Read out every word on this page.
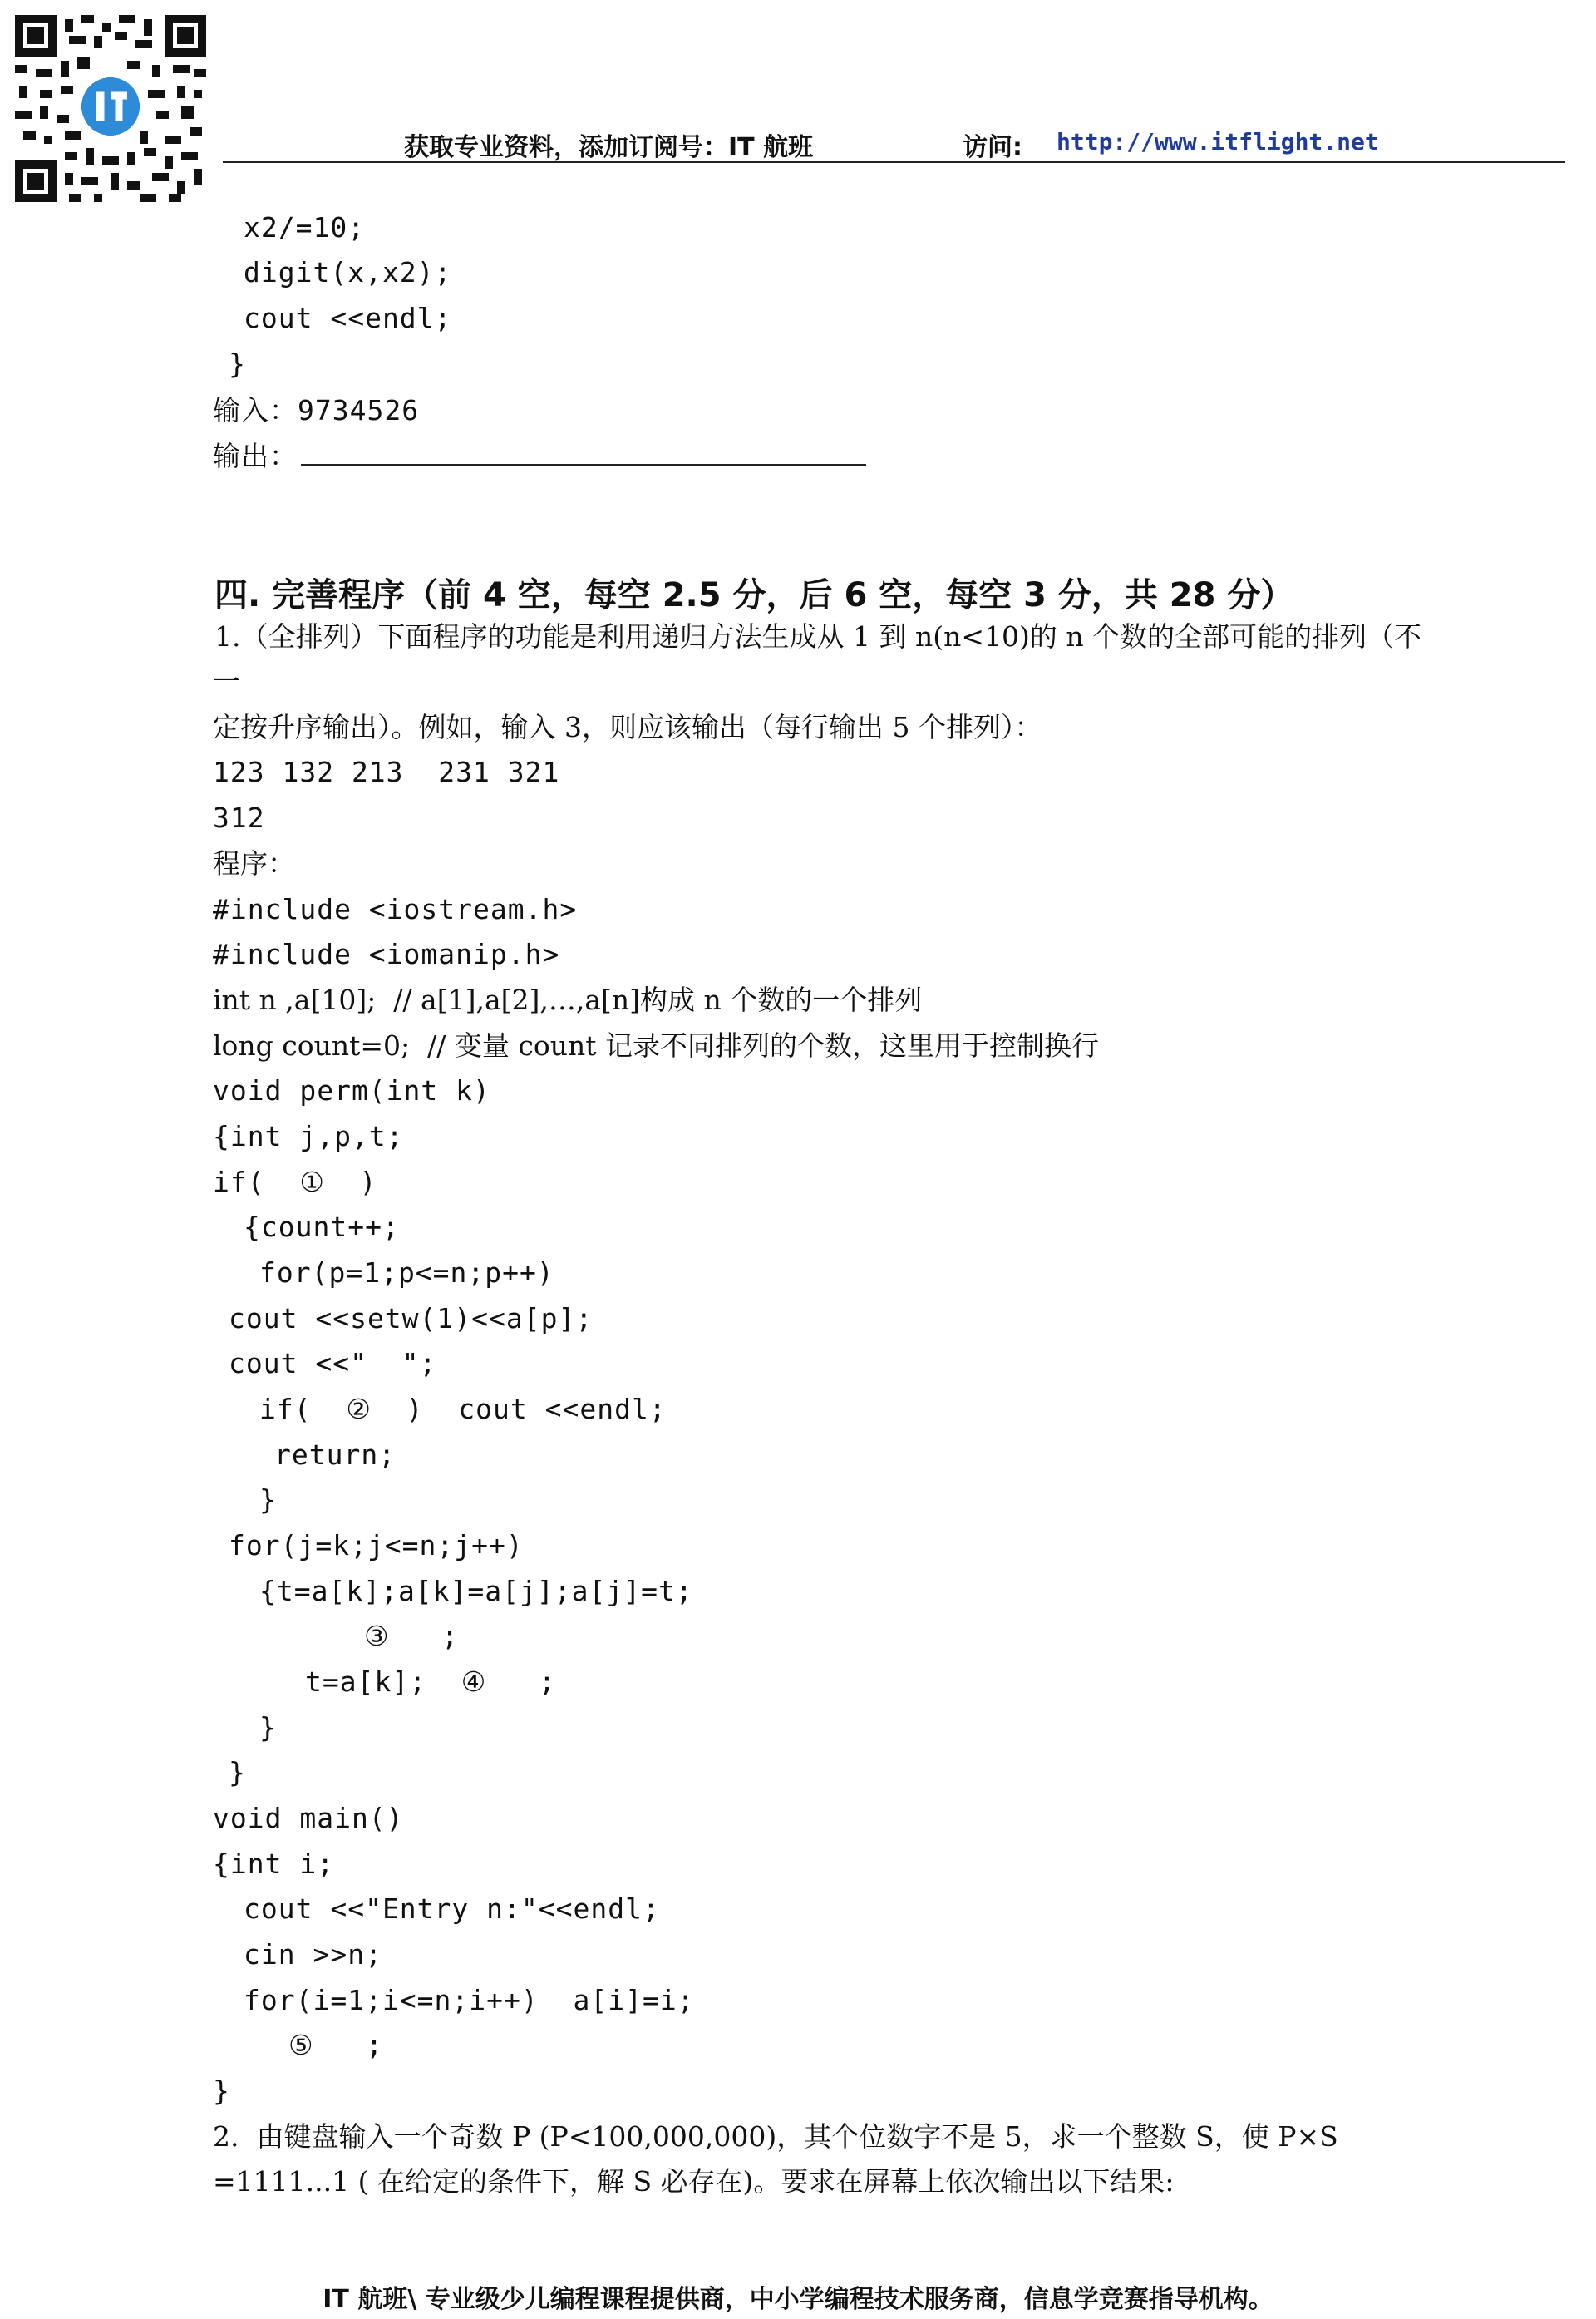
获取专业资料，添加订阅号：IT 航班	访问: http://www.itflight.net
x2/=10;
digit(x,x2);
cout <<endl;
}
输入：9734526
输出：
四. 完善程序（前 4 空，每空 2.5 分，后 6 空，每空 3 分，共 28 分）
1.（全排列）下面程序的功能是利用递归方法生成从 1 到 n(n<10)的 n 个数的全部可能的排列（不
一
定按升序输出）。例如，输入 3，则应该输出（每行输出 5 个排列）：
123 132 213  231 321
312
程序：
#include <iostream.h>
#include <iomanip.h>
int n ,a[10];  // a[1],a[2],…,a[n]构成 n 个数的一个排列
long count=0;  // 变量 count 记录不同排列的个数，这里用于控制换行
void perm(int k)
{int j,p,t;
if(  ①  )
{count++;
for(p=1;p<=n;p++)
cout <<setw(1)<<a[p];
cout <<"  ";
if(  ②  )  cout <<endl;
return;
}
for(j=k;j<=n;j++)
{t=a[k];a[k]=a[j];a[j]=t;
③   ;
t=a[k];  ④   ;
}
}
void main()
{int i;
cout <<"Entry n:"<<endl;
cin >>n;
for(i=1;i<=n;i++)  a[i]=i;
⑤   ;
}
2.  由键盘输入一个奇数 P (P<100,000,000)，其个位数字不是 5，求一个整数 S，使 P×S
=1111...1 ( 在给定的条件下，解 S 必存在)。要求在屏幕上依次输出以下结果:
IT 航班\ 专业级少儿编程课程提供商，中小学编程技术服务商，信息学竞赛指导机构。
